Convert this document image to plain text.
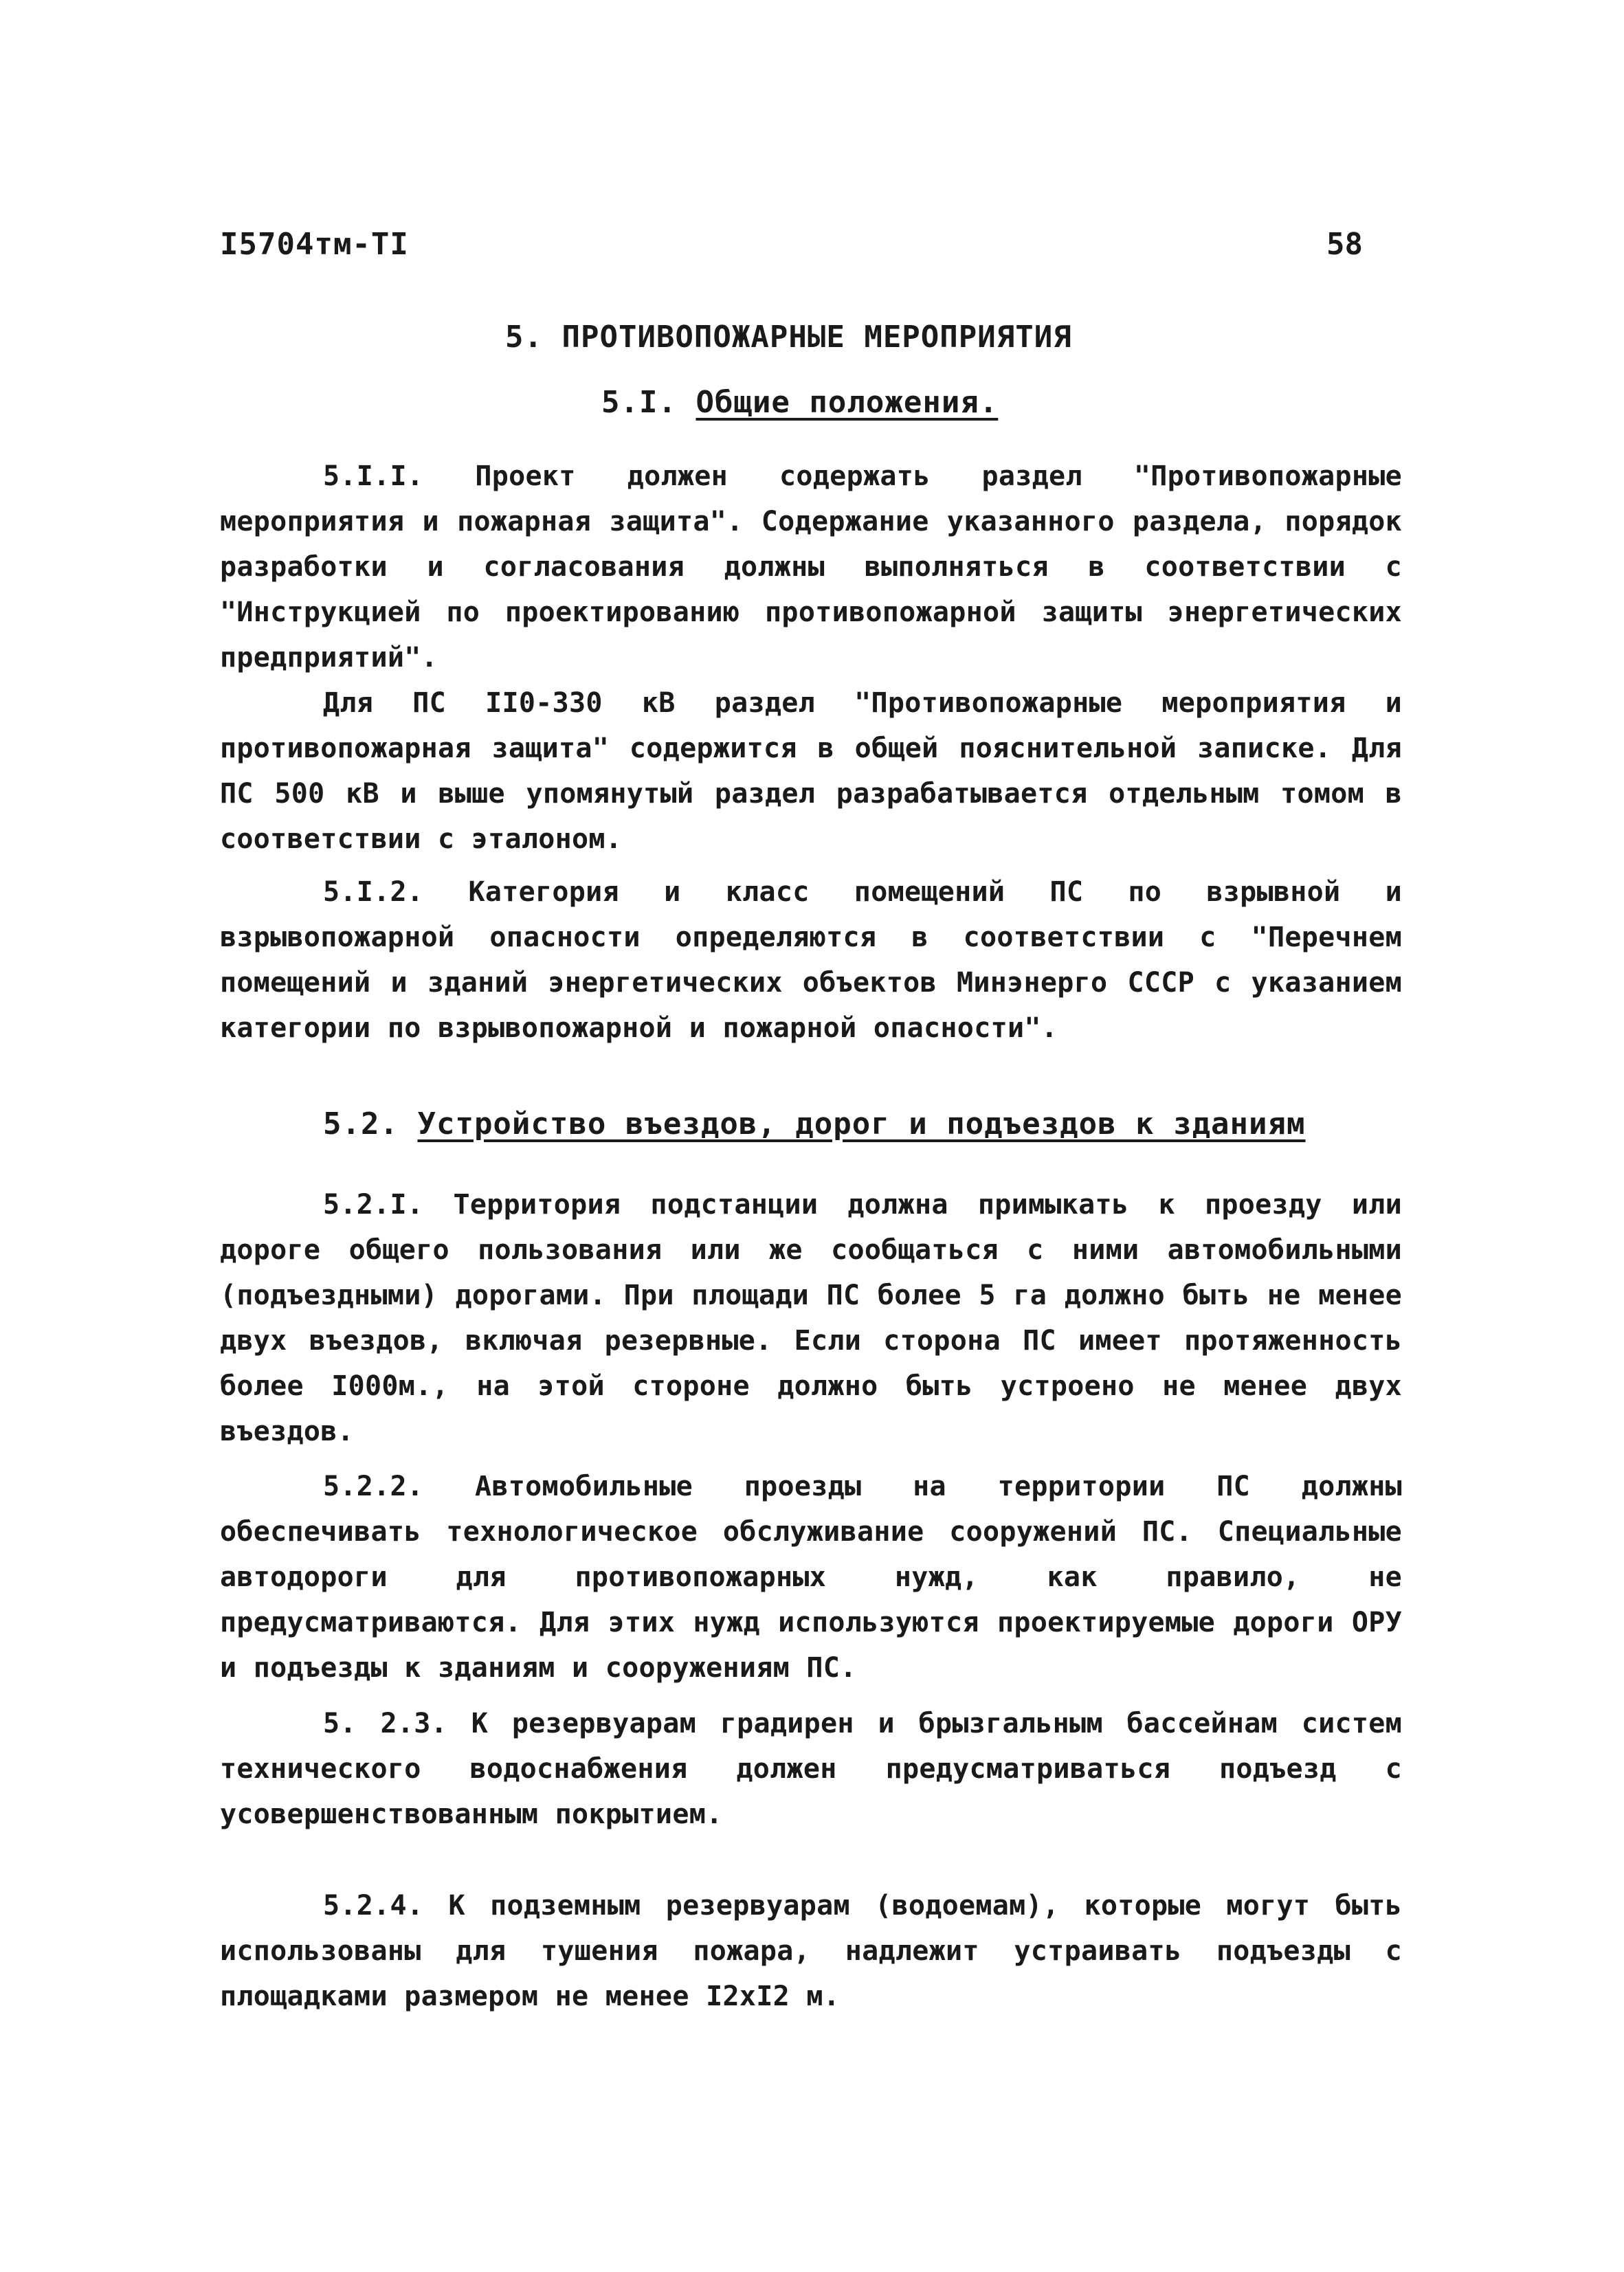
I5704тм-TI	58
5. ПРОТИВОПОЖАРНЫЕ МЕРОПРИЯТИЯ
5.I. Общие положения.
5.I.I. Проект должен содержать раздел "Противопожарные мероприятия и пожарная защита". Содержание указанного раздела, порядок разработки и согласования должны выполняться в соответствии с "Инструкцией по проектированию противопожарной защиты энергетических предприятий".
Для ПС II0-330 кВ раздел "Противопожарные мероприятия и противопожарная защита" содержится в общей пояснительной записке. Для ПС 500 кВ и выше упомянутый раздел разрабатывается отдельным томом в соответствии с эталоном.
5.I.2. Категория и класс помещений ПС по взрывной и взрывопожарной опасности определяются в соответствии с "Перечнем помещений и зданий энергетических объектов Минэнерго СССР с указанием категории по взрывопожарной и пожарной опасности".
5.2. Устройство въездов, дорог и подъездов к зданиям
5.2.I. Территория подстанции должна примыкать к проезду или дороге общего пользования или же сообщаться с ними автомобильными (подъездными) дорогами. При площади ПС более 5 га должно быть не менее двух въездов, включая резервные. Если сторона ПС имеет протяженность более I000м., на этой стороне должно быть устроено не менее двух въездов.
5.2.2. Автомобильные проезды на территории ПС должны обеспечивать технологическое обслуживание сооружений ПС. Специальные автодороги для противопожарных нужд, как правило, не предусматриваются. Для этих нужд используются проектируемые дороги ОРУ и подъезды к зданиям и сооружениям ПС.
5. 2.3. К резервуарам градирен и брызгальным бассейнам систем технического водоснабжения должен предусматриваться подъезд с усовершенствованным покрытием.
5.2.4. К подземным резервуарам (водоемам), которые могут быть использованы для тушения пожара, надлежит устраивать подъезды с площадками размером не менее I2хI2 м.
